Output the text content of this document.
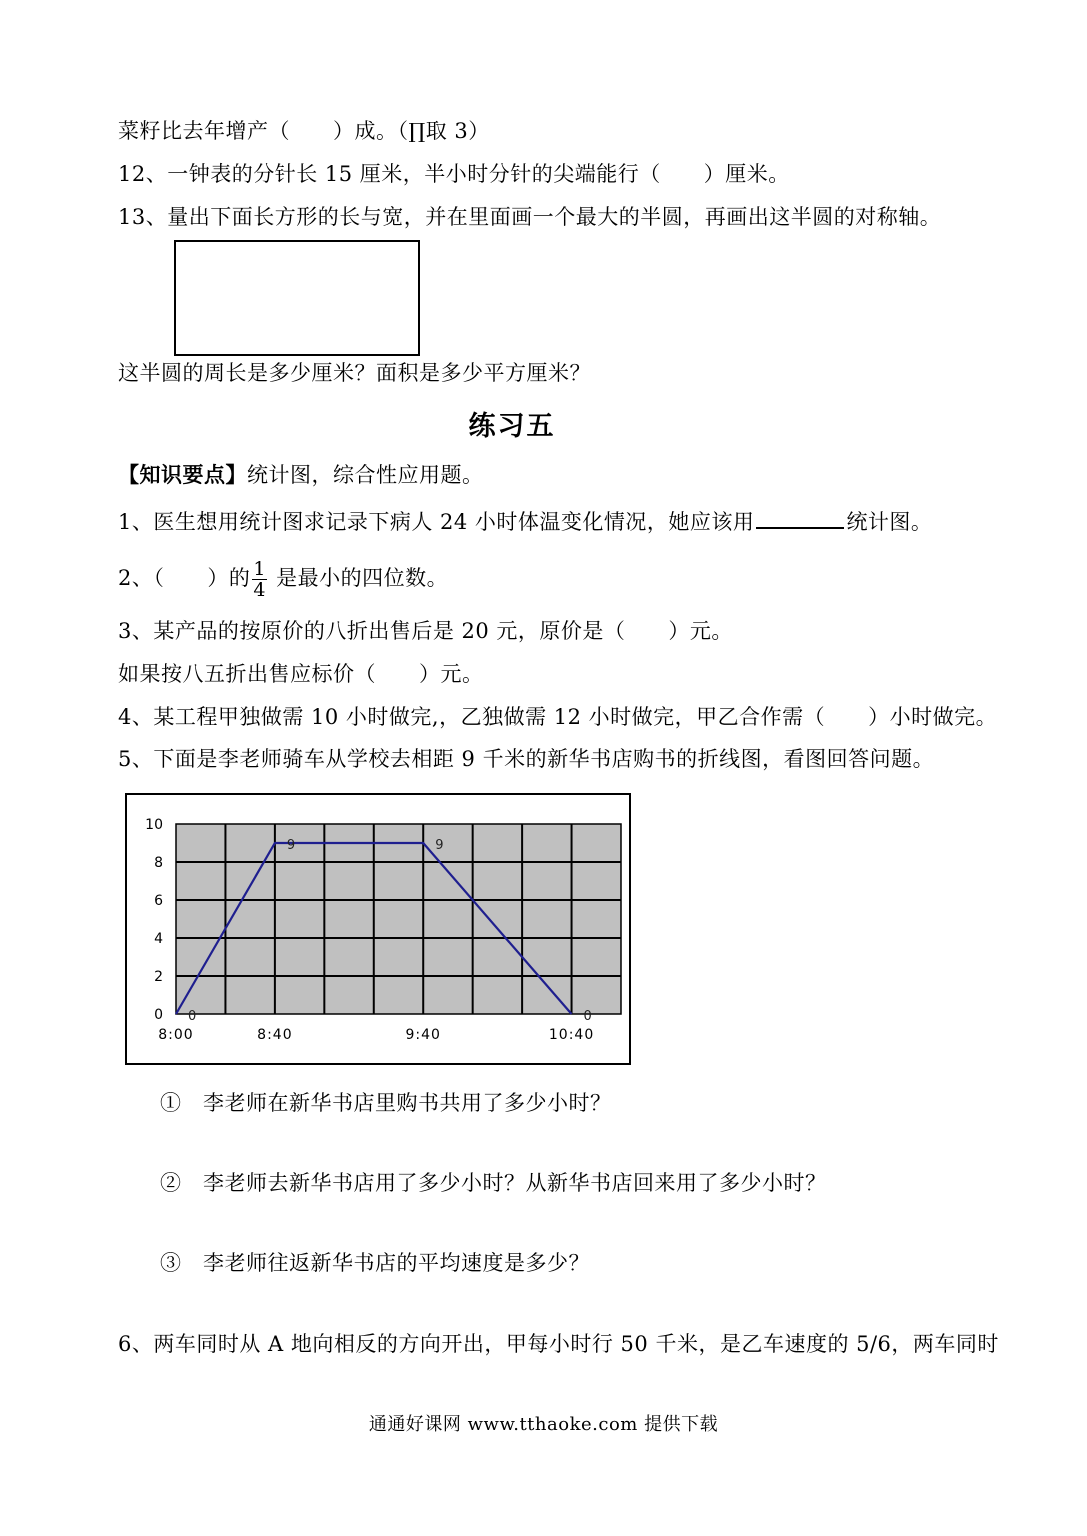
菜籽比去年增产（　　）成。（∏取 3）
12、一钟表的分针长 15 厘米，半小时分针的尖端能行（　　）厘米。
13、量出下面长方形的长与宽，并在里面画一个最大的半圆，再画出这半圆的对称轴。
这半圆的周长是多少厘米？面积是多少平方厘米？
练习五
【知识要点】统计图，综合性应用题。
1、医生想用统计图求记录下病人 24 小时体温变化情况，她应该用	统计图。
2、（　　）的 $\frac{1}{4}$ 是最小的四位数。
3、某产品的按原价的八折出售后是 20 元，原价是（　　）元。
如果按八五折出售应标价（　　）元。
4、某工程甲独做需 10 小时做完,，乙独做需 12 小时做完，甲乙合作需（　　）小时做完。
5、下面是李老师骑车从学校去相距 9 千米的新华书店购书的折线图，看图回答问题。
0
2
4
6
8
10
8:00	8:40	9:40	10:40
0
9	9
0
①　李老师在新华书店里购书共用了多少小时？
②　李老师去新华书店用了多少小时？从新华书店回来用了多少小时？
③　李老师往返新华书店的平均速度是多少？
6、两车同时从 A 地向相反的方向开出，甲每小时行 50 千米，是乙车速度的 5/6，两车同时
通通好课网 www.tthaoke.com 提供下载
